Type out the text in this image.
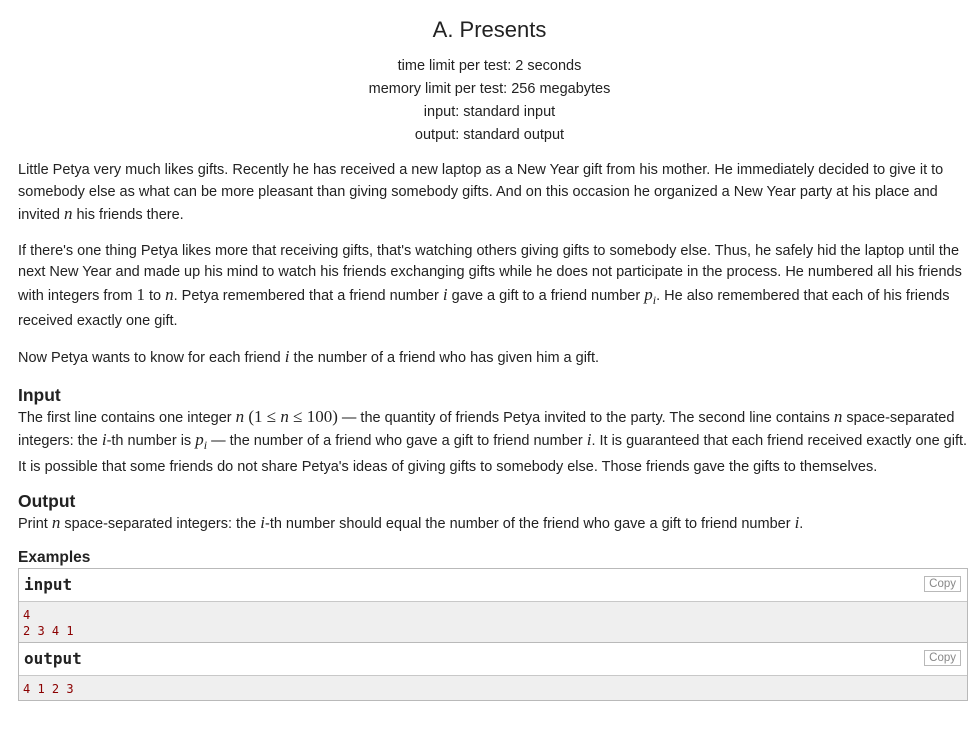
A. Presents
time limit per test: 2 seconds
memory limit per test: 256 megabytes
input: standard input
output: standard output

Little Petya very much likes gifts. Recently he has received a new laptop as a New Year gift from his mother. He immediately decided to give it to somebody else as what can be more pleasant than giving somebody gifts. And on this occasion he organized a New Year party at his place and invited n his friends there.

If there's one thing Petya likes more that receiving gifts, that's watching others giving gifts to somebody else. Thus, he safely hid the laptop until the next New Year and made up his mind to watch his friends exchanging gifts while he does not participate in the process. He numbered all his friends with integers from 1 to n. Petya remembered that a friend number i gave a gift to a friend number $p_i$. He also remembered that each of his friends received exactly one gift.

Now Petya wants to know for each friend i the number of a friend who has given him a gift.

Input

The first line contains one integer n (1 ≤ n ≤ 100) — the quantity of friends Petya invited to the party. The second line contains n space-separated integers: the i-th number is $p_i$ — the number of a friend who gave a gift to friend number i. It is guaranteed that each friend received exactly one gift. It is possible that some friends do not share Petya's ideas of giving gifts to somebody else. Those friends gave the gifts to themselves.

Output

Print n space-separated integers: the i-th number should equal the number of the friend who gave a gift to friend number i.

Examples
input	Copy
4
2 3 4 1
output	Copy
4 1 2 3
